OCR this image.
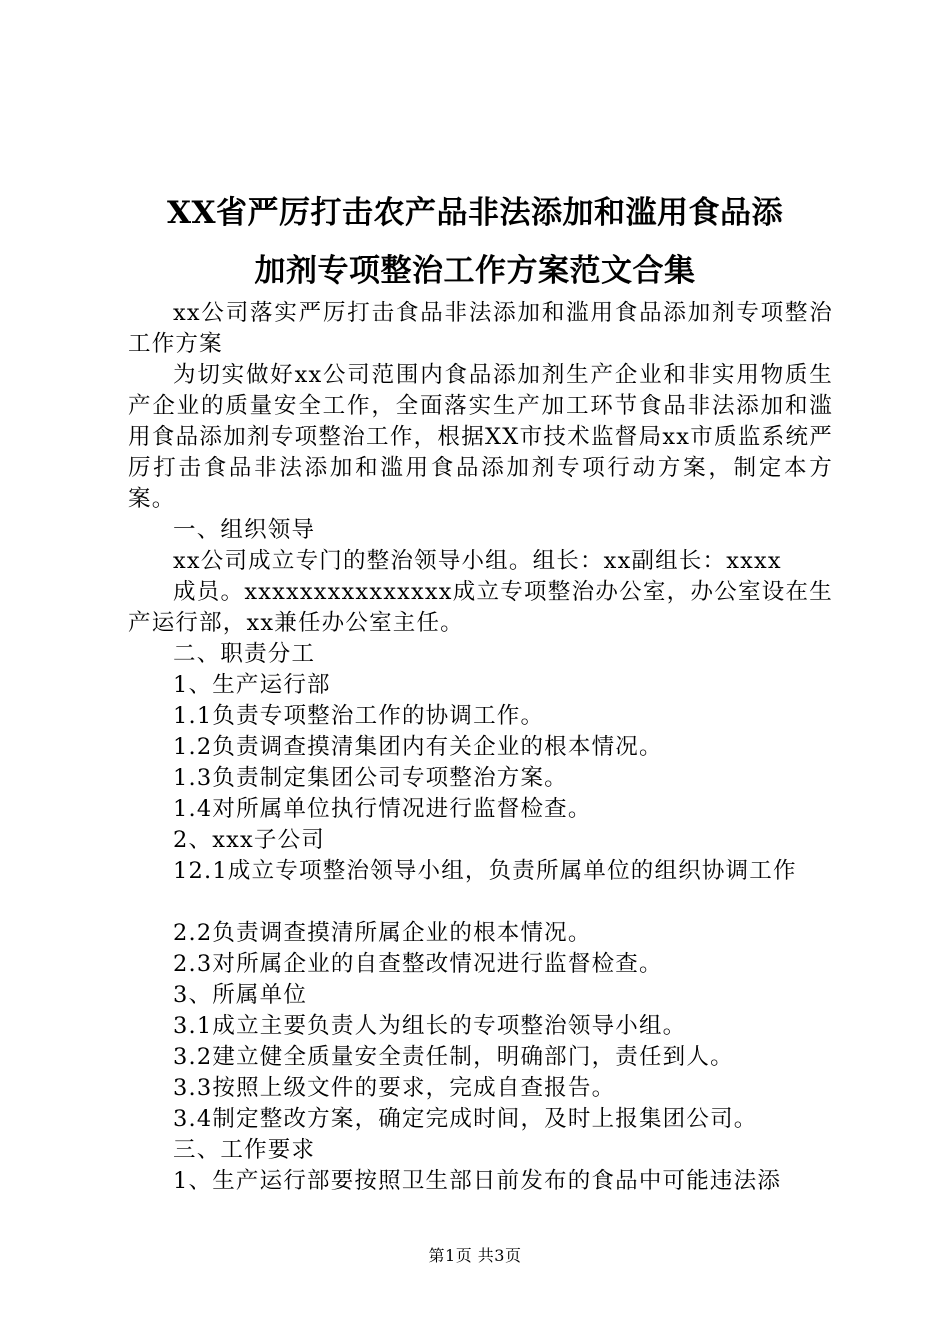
XX省严厉打击农产品非法添加和滥用食品添
加剂专项整治工作方案范文合集

xx公司落实严厉打击食品非法添加和滥用食品添加剂专项整治工作方案

为切实做好xx公司范围内食品添加剂生产企业和非实用物质生产企业的质量安全工作，全面落实生产加工环节食品非法添加和滥用食品添加剂专项整治工作，根据XX市技术监督局xx市质监系统严厉打击食品非法添加和滥用食品添加剂专项行动方案，制定本方案。

一、组织领导

xx公司成立专门的整治领导小组。组长：xx副组长：xxxx

成员。xxxxxxxxxxxxxxx成立专项整治办公室，办公室设在生产运行部，xx兼任办公室主任。

二、职责分工

1、生产运行部

1.1负责专项整治工作的协调工作。

1.2负责调查摸清集团内有关企业的根本情况。

1.3负责制定集团公司专项整治方案。

1.4对所属单位执行情况进行监督检查。

2、xxx子公司

12.1成立专项整治领导小组，负责所属单位的组织协调工作

2.2负责调查摸清所属企业的根本情况。

2.3对所属企业的自查整改情况进行监督检查。

3、所属单位

3.1成立主要负责人为组长的专项整治领导小组。

3.2建立健全质量安全责任制，明确部门，责任到人。

3.3按照上级文件的要求，完成自查报告。

3.4制定整改方案，确定完成时间，及时上报集团公司。

三、工作要求

1、生产运行部要按照卫生部日前发布的食品中可能违法添

第1页 共3页
